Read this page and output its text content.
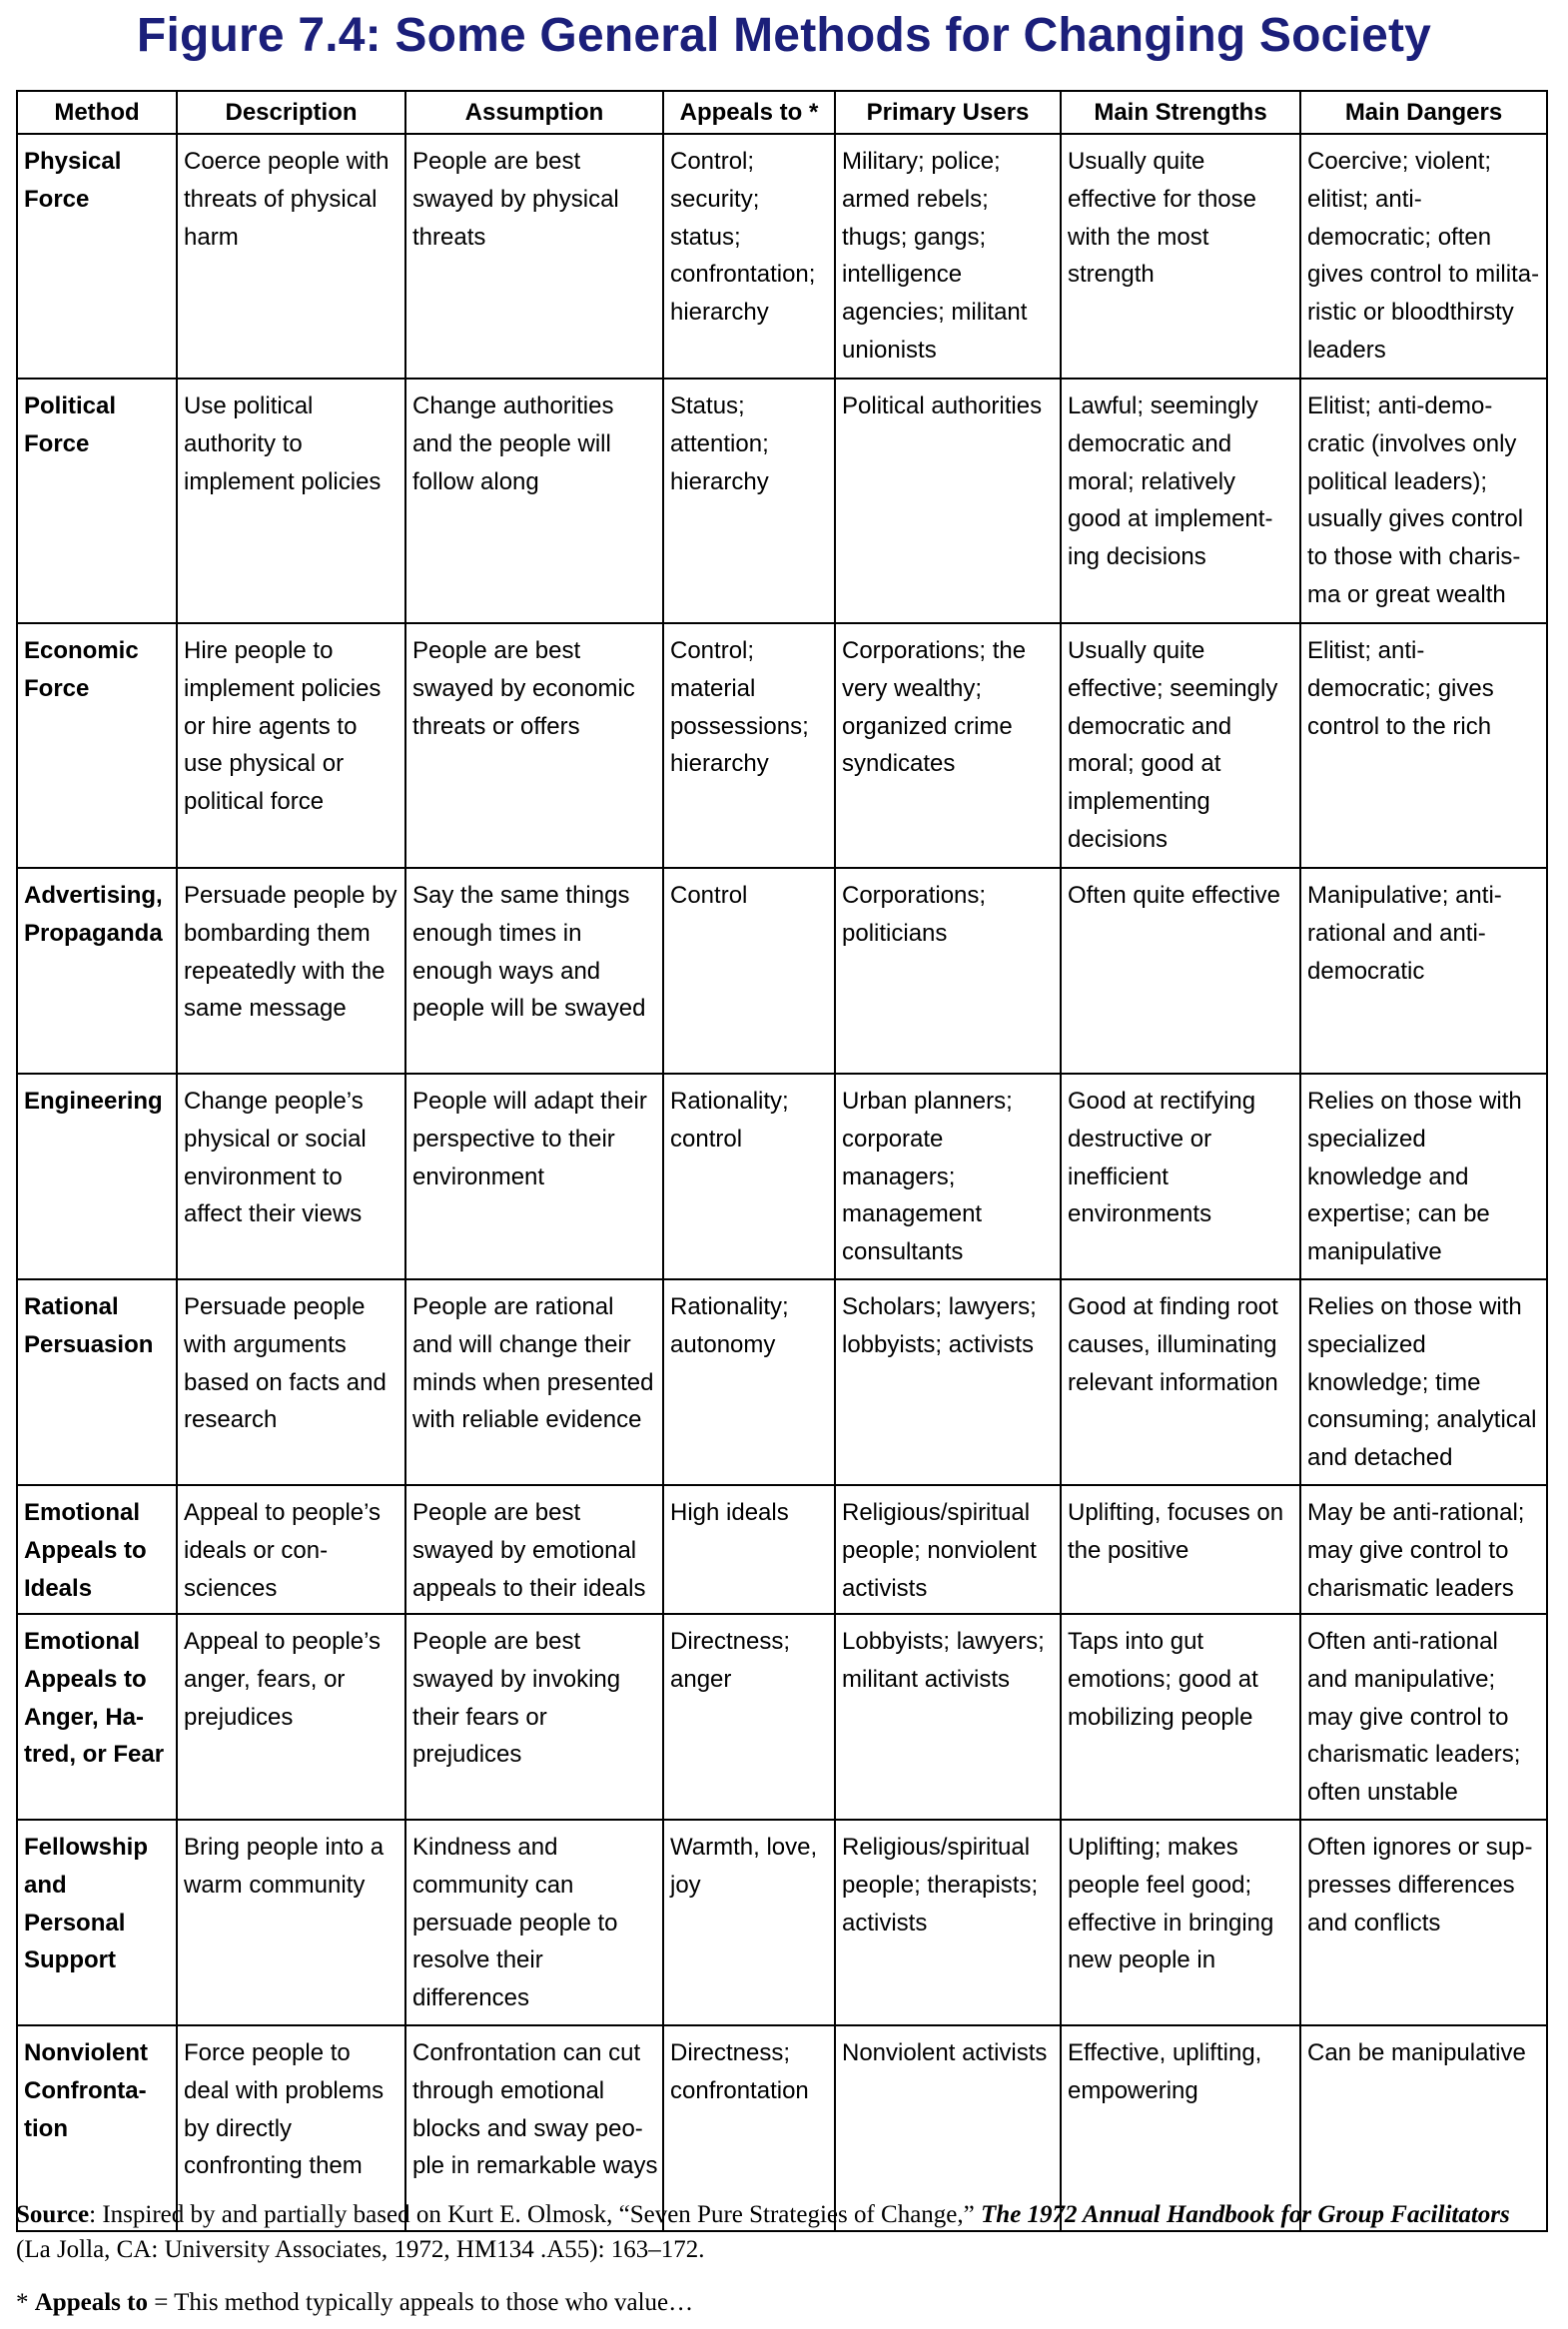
Figure 7.4: Some General Methods for Changing Society
Method	Description	Assumption	Appeals to *	Primary Users	Main Strengths	Main Dangers
Physical Force	Coerce people with threats of physical harm	People are best swayed by physical threats	Control; security; status; confrontation; hierarchy	Military; police; armed rebels; thugs; gangs; intelligence agencies; militant unionists	Usually quite effective for those with the most strength	Coercive; violent; elitist; anti-democratic; often gives control to milita-ristic or bloodthirsty leaders
Political Force	Use political authority to implement policies	Change authorities and the people will follow along	Status; attention; hierarchy	Political authorities	Lawful; seemingly democratic and moral; relatively good at implement-ing decisions	Elitist; anti-demo-cratic (involves only political leaders); usually gives control to those with charis-ma or great wealth
Economic Force	Hire people to implement policies or hire agents to use physical or political force	People are best swayed by economic threats or offers	Control; material possessions; hierarchy	Corporations; the very wealthy; organized crime syndicates	Usually quite effective; seemingly democratic and moral; good at implementing decisions	Elitist; anti-democratic; gives control to the rich
Advertising, Propaganda	Persuade people by bombarding them repeatedly with the same message	Say the same things enough times in enough ways and people will be swayed	Control	Corporations; politicians	Often quite effective	Manipulative; anti-rational and anti-democratic
Engineering	Change people’s physical or social environment to affect their views	People will adapt their perspective to their environment	Rationality; control	Urban planners; corporate managers; management consultants	Good at rectifying destructive or inefficient environments	Relies on those with specialized knowledge and expertise; can be manipulative
Rational Persuasion	Persuade people with arguments based on facts and research	People are rational and will change their minds when presented with reliable evidence	Rationality; autonomy	Scholars; lawyers; lobbyists; activists	Good at finding root causes, illuminating relevant information	Relies on those with specialized knowledge; time consuming; analytical and detached
Emotional Appeals to Ideals	Appeal to people’s ideals or con-sciences	People are best swayed by emotional appeals to their ideals	High ideals	Religious/spiritual people; nonviolent activists	Uplifting, focuses on the positive	May be anti-rational; may give control to charismatic leaders
Emotional Appeals to Anger, Ha-tred, or Fear	Appeal to people’s anger, fears, or prejudices	People are best swayed by invoking their fears or prejudices	Directness; anger	Lobbyists; lawyers; militant activists	Taps into gut emotions; good at mobilizing people	Often anti-rational and manipulative; may give control to charismatic leaders; often unstable
Fellowship and Personal Support	Bring people into a warm community	Kindness and community can persuade people to resolve their differences	Warmth, love, joy	Religious/spiritual people; therapists; activists	Uplifting; makes people feel good; effective in bringing new people in	Often ignores or sup-presses differences and conflicts
Nonviolent Confronta-tion	Force people to deal with problems by directly confronting them	Confrontation can cut through emotional blocks and sway peo-ple in remarkable ways	Directness; confrontation	Nonviolent activists	Effective, uplifting, empowering	Can be manipulative
Source: Inspired by and partially based on Kurt E. Olmosk, “Seven Pure Strategies of Change,” The 1972 Annual Handbook for Group Facilitators (La Jolla, CA: University Associates, 1972, HM134 .A55): 163–172.
* Appeals to = This method typically appeals to those who value…
